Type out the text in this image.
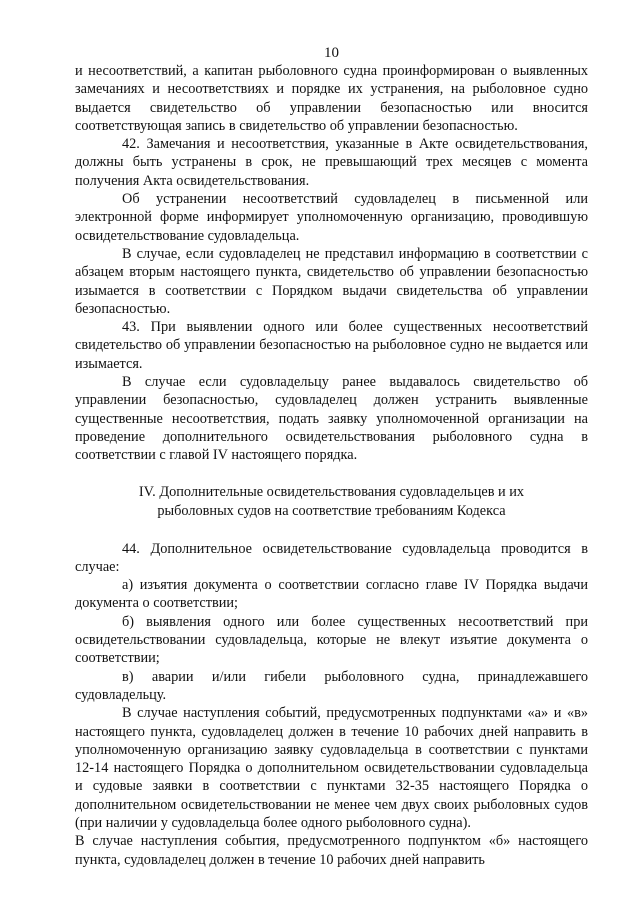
10

и несоответствий, а капитан рыболовного судна проинформирован о выявленных замечаниях и несоответствиях и порядке их устранения, на рыболовное судно выдается свидетельство об управлении безопасностью или вносится соответствующая запись в свидетельство об управлении безопасностью.

42. Замечания и несоответствия, указанные в Акте освидетельствования, должны быть устранены в срок, не превышающий трех месяцев с момента получения Акта освидетельствования.

Об устранении несоответствий судовладелец в письменной или электронной форме информирует уполномоченную организацию, проводившую освидетельствование судовладельца.

В случае, если судовладелец не представил информацию в соответствии с абзацем вторым настоящего пункта, свидетельство об управлении безопасностью изымается в соответствии с Порядком выдачи свидетельства об управлении безопасностью.

43. При выявлении одного или более существенных несоответствий свидетельство об управлении безопасностью на рыболовное судно не выдается или изымается.

В случае если судовладельцу ранее выдавалось свидетельство об управлении безопасностью, судовладелец должен устранить выявленные существенные несоответствия, подать заявку уполномоченной организации на проведение дополнительного освидетельствования рыболовного судна в соответствии с главой IV настоящего порядка.

IV. Дополнительные освидетельствования судовладельцев и их
рыболовных судов на соответствие требованиям Кодекса

44. Дополнительное освидетельствование судовладельца проводится в случае:

а) изъятия документа о соответствии согласно главе IV Порядка выдачи документа о соответствии;

б) выявления одного или более существенных несоответствий при освидетельствовании судовладельца, которые не влекут изъятие документа о соответствии;

в) аварии и/или гибели рыболовного судна, принадлежавшего судовладельцу.

В случае наступления событий, предусмотренных подпунктами «а» и «в» настоящего пункта, судовладелец должен в течение 10 рабочих дней направить в уполномоченную организацию заявку судовладельца в соответствии с пунктами 12-14 настоящего Порядка о дополнительном освидетельствовании судовладельца и судовые заявки в соответствии с пунктами 32-35 настоящего Порядка о дополнительном освидетельствовании не менее чем двух своих рыболовных судов (при наличии у судовладельца более одного рыболовного судна).

В случае наступления события, предусмотренного подпунктом «б» настоящего пункта, судовладелец должен в течение 10 рабочих дней направить
